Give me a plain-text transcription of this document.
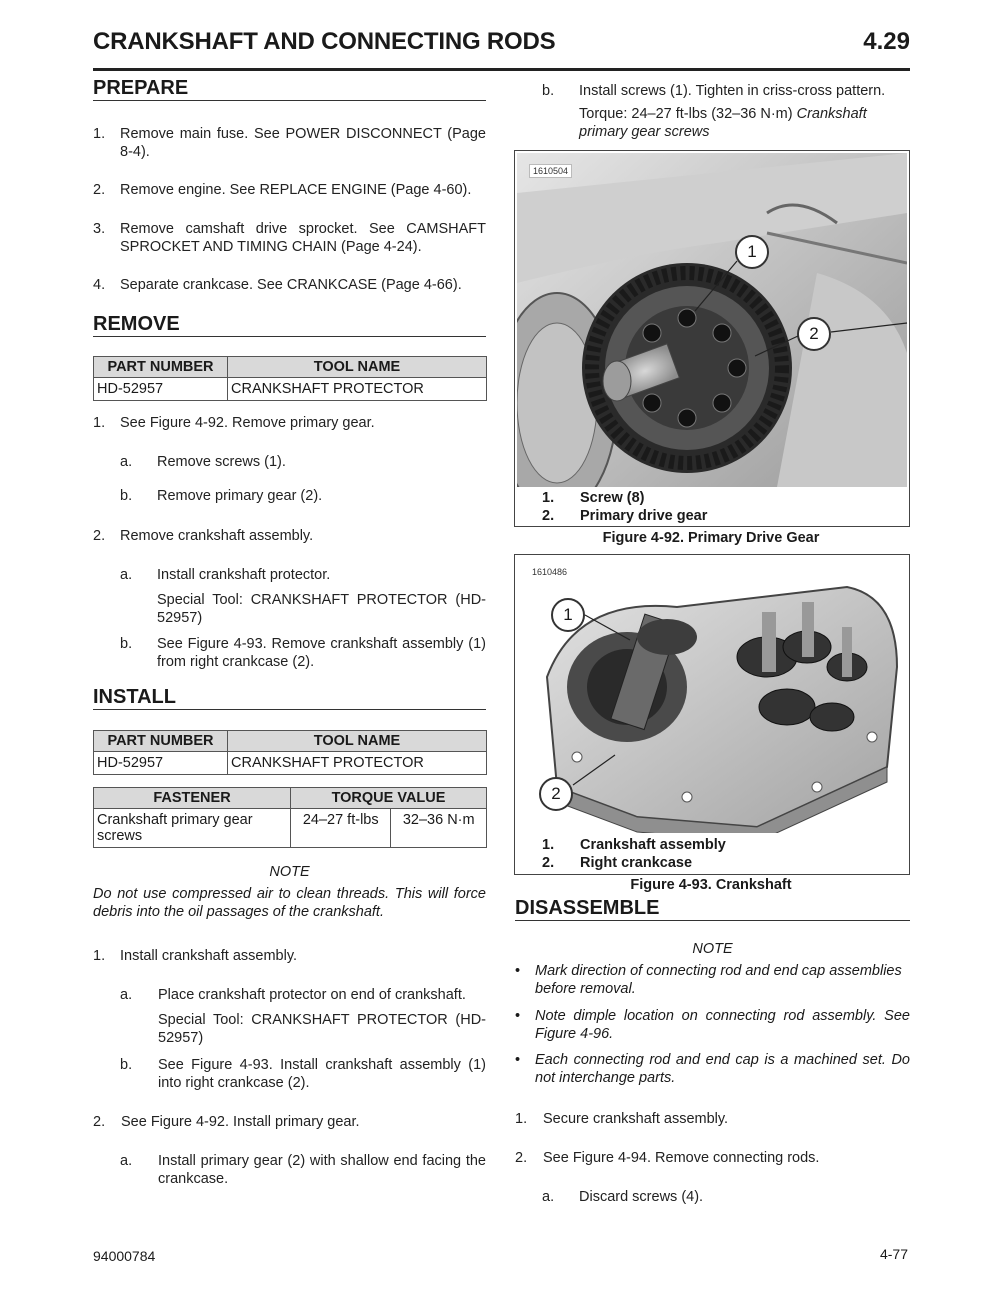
CRANKSHAFT AND CONNECTING RODS	4.29
PREPARE
1. Remove main fuse. See POWER DISCONNECT (Page 8-4).
2. Remove engine. See REPLACE ENGINE (Page 4-60).
3. Remove camshaft drive sprocket. See CAMSHAFT SPROCKET AND TIMING CHAIN (Page 4-24).
4. Separate crankcase. See CRANKCASE (Page 4-66).
REMOVE
PART NUMBER	TOOL NAME
HD-52957	CRANKSHAFT PROTECTOR
1. See Figure 4-92. Remove primary gear.
a. Remove screws (1).
b. Remove primary gear (2).
2. Remove crankshaft assembly.
a. Install crankshaft protector.
Special Tool: CRANKSHAFT PROTECTOR (HD-52957)
b. See Figure 4-93. Remove crankshaft assembly (1) from right crankcase (2).
INSTALL
PART NUMBER	TOOL NAME
HD-52957	CRANKSHAFT PROTECTOR
FASTENER	TORQUE VALUE	
Crankshaft primary gear screws	24–27 ft-lbs	32–36 N·m
NOTE
Do not use compressed air to clean threads. This will force debris into the oil passages of the crankshaft.
1. Install crankshaft assembly.
a. Place crankshaft protector on end of crankshaft.
Special Tool: CRANKSHAFT PROTECTOR (HD-52957)
b. See Figure 4-93. Install crankshaft assembly (1) into right crankcase (2).
2. See Figure 4-92. Install primary gear.
a. Install primary gear (2) with shallow end facing the crankcase.
b. Install screws (1). Tighten in criss-cross pattern.
Torque: 24–27 ft-lbs (32–36 N·m) Crankshaft primary gear screws
1610504
1
2
1. Screw (8)
2. Primary drive gear
Figure 4-92. Primary Drive Gear
1610486
1
2
1. Crankshaft assembly
2. Right crankcase
Figure 4-93. Crankshaft
DISASSEMBLE
NOTE
• Mark direction of connecting rod and end cap assemblies before removal.
• Note dimple location on connecting rod assembly. See Figure 4-96.
• Each connecting rod and end cap is a machined set. Do not interchange parts.
1. Secure crankshaft assembly.
2. See Figure 4-94. Remove connecting rods.
a. Discard screws (4).
94000784	4-77
